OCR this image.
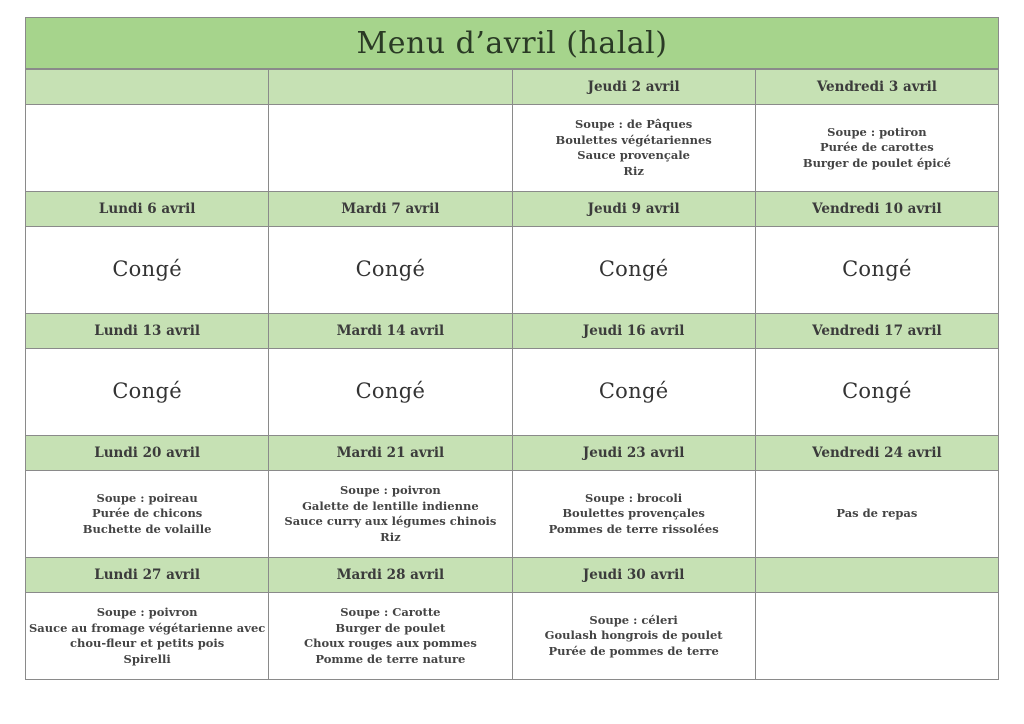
Menu d’avril (halal)
		Jeudi 2 avril	Vendredi 3 avril

		Soupe : de Pâques
Boulettes végétariennes
Sauce provençale
Riz	Soupe : potiron
Purée de carottes
Burger de poulet épicé

Lundi 6 avril	Mardi 7 avril	Jeudi 9 avril	Vendredi 10 avril

Congé	Congé	Congé	Congé

Lundi 13 avril	Mardi 14 avril	Jeudi 16 avril	Vendredi 17 avril

Congé	Congé	Congé	Congé

Lundi 20 avril	Mardi 21 avril	Jeudi 23 avril	Vendredi 24 avril

Soupe : poireau
Purée de chicons
Buchette de volaille	Soupe : poivron
Galette de lentille indienne
Sauce curry aux légumes chinois
Riz	Soupe : brocoli
Boulettes provençales
Pommes de terre rissolées	Pas de repas

Lundi 27 avril	Mardi 28 avril	Jeudi 30 avril	

Soupe : poivron
Sauce au fromage végétarienne avec
chou-fleur et petits pois
Spirelli	Soupe : Carotte
Burger de poulet
Choux rouges aux pommes
Pomme de terre nature	Soupe : céleri
Goulash hongrois de poulet
Purée de pommes de terre	
